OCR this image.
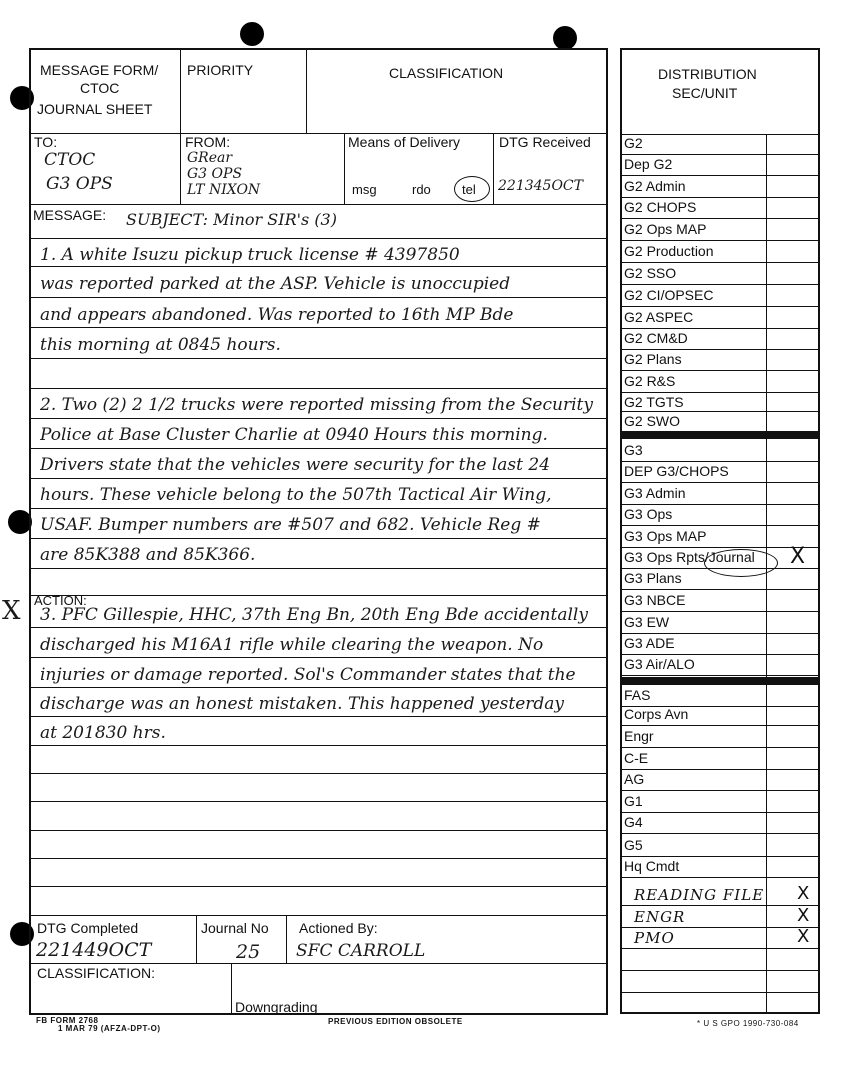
MESSAGE FORM/
CTOC
JOURNAL SHEET
PRIORITY	CLASSIFICATION
TO:
CTOC
G3 OPS
FROM:
GRear
G3 OPS
LT NIXON
Means of Delivery
msg	rdo tel
DTG Received
221345OCT
MESSAGE: SUBJECT: Minor SIR's (3)
1. A white Isuzu pickup truck license # 4397850
was reported parked at the ASP. Vehicle is unoccupied
and appears abandoned. Was reported to 16th MP Bde
this morning at 0845 hours.
2. Two (2) 2 1/2 trucks were reported missing from the Security
Police at Base Cluster Charlie at 0940 Hours this morning.
Drivers state that the vehicles were security for the last 24
hours. These vehicle belong to the 507th Tactical Air Wing,
USAF. Bumper numbers are #507 and 682. Vehicle Reg #
are 85K388 and 85K366.
ACTION:
X 3. PFC Gillespie, HHC, 37th Eng Bn, 20th Eng Bde accidentally
discharged his M16A1 rifle while clearing the weapon. No
injuries or damage reported. Sol's Commander states that the
discharge was an honest mistaken. This happened yesterday
at 201830 hrs.
DTG Completed
221449OCT
Journal No
25
Actioned By:
SFC CARROLL
CLASSIFICATION:
Downgrading
DISTRIBUTION
SEC/UNIT
G2
Dep G2
G2 Admin
G2 CHOPS
G2 Ops MAP
G2 Production
G2 SSO
G2 CI/OPSEC
G2 ASPEC
G2 CM&D
G2 Plans
G2 R&S
G2 TGTS
G2 SWO
G3
DEP G3/CHOPS
G3 Admin
G3 Ops
G3 Ops MAP
G3 Ops Rpts/Journal X
G3 Plans
G3 NBCE
G3 EW
G3 ADE
G3 Air/ALO
FAS
Corps Avn
Engr
C-E
AG
G1
G4
G5
Hq Cmdt
READING FILE X
ENGR	X
PMO	X
FB FORM 2768
1 MAR 79 (AFZA-DPT-O)
PREVIOUS EDITION OBSOLETE	* U S GPO 1990-730-084
